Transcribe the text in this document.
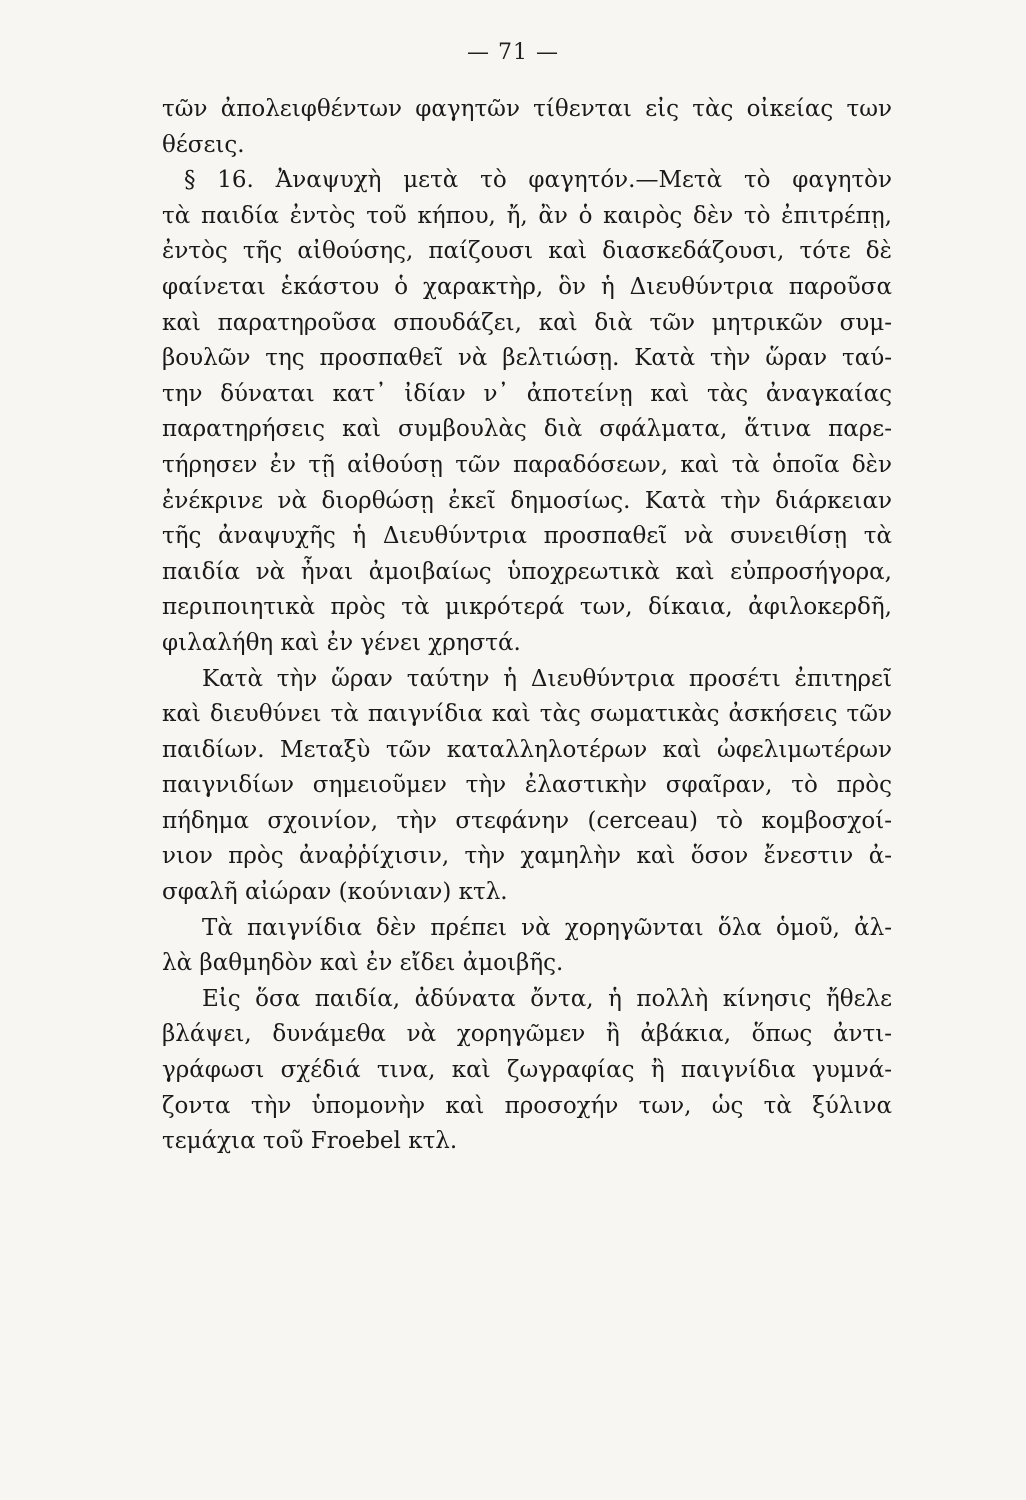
— 71 —
τῶν ἀπολειφθέντων φαγητῶν τίθενται εἰς τὰς οἰκείας των
θέσεις.
§ 16. Ἀναψυχὴ μετὰ τὸ φαγητόν.—Μετὰ τὸ φαγητὸν
τὰ παιδία ἐντὸς τοῦ κήπου, ἤ, ἂν ὁ καιρὸς δὲν τὸ ἐπιτρέπῃ,
ἐντὸς τῆς αἰθούσης, παίζουσι καὶ διασκεδάζουσι, τότε δὲ
φαίνεται ἑκάστου ὁ χαρακτὴρ, ὃν ἡ Διευθύντρια παροῦσα
καὶ παρατηροῦσα σπουδάζει, καὶ διὰ τῶν μητρικῶν συμ-
βουλῶν της προσπαθεῖ νὰ βελτιώσῃ. Κατὰ τὴν ὥραν ταύ-
την δύναται κατ᾽ ἰδίαν ν᾽ ἀποτείνῃ καὶ τὰς ἀναγκαίας
παρατηρήσεις καὶ συμβουλὰς διὰ σφάλματα, ἅτινα παρε-
τήρησεν ἐν τῇ αἰθούσῃ τῶν παραδόσεων, καὶ τὰ ὁποῖα δὲν
ἐνέκρινε νὰ διορθώσῃ ἐκεῖ δημοσίως. Κατὰ τὴν διάρκειαν
τῆς ἀναψυχῆς ἡ Διευθύντρια προσπαθεῖ νὰ συνειθίσῃ τὰ
παιδία νὰ ἦναι ἀμοιβαίως ὑποχρεωτικὰ καὶ εὐπροσήγορα,
περιποιητικὰ πρὸς τὰ μικρότερά των, δίκαια, ἀφιλοκερδῆ,
φιλαλήθη καὶ ἐν γένει χρηστά.
Κατὰ τὴν ὥραν ταύτην ἡ Διευθύντρια προσέτι ἐπιτηρεῖ
καὶ διευθύνει τὰ παιγνίδια καὶ τὰς σωματικὰς ἀσκήσεις τῶν
παιδίων. Μεταξὺ τῶν καταλληλοτέρων καὶ ὠφελιμωτέρων
παιγνιδίων σημειοῦμεν τὴν ἐλαστικὴν σφαῖραν, τὸ πρὸς
πήδημα σχοινίον, τὴν στεφάνην (cerceau) τὸ κομβοσχοί-
νιον πρὸς ἀναῤῥίχισιν, τὴν χαμηλὴν καὶ ὅσον ἔνεστιν ἀ-
σφαλῆ αἰώραν (κούνιαν) κτλ.
Τὰ παιγνίδια δὲν πρέπει νὰ χορηγῶνται ὅλα ὁμοῦ, ἀλ-
λὰ βαθμηδὸν καὶ ἐν εἴδει ἀμοιβῆς.
Εἰς ὅσα παιδία, ἀδύνατα ὄντα, ἡ πολλὴ κίνησις ἤθελε
βλάψει, δυνάμεθα νὰ χορηγῶμεν ἢ ἀβάκια, ὅπως ἀντι-
γράφωσι σχέδιά τινα, καὶ ζωγραφίας ἢ παιγνίδια γυμνά-
ζοντα τὴν ὑπομονὴν καὶ προσοχήν των, ὡς τὰ ξύλινα
τεμάχια τοῦ Froebel κτλ.
